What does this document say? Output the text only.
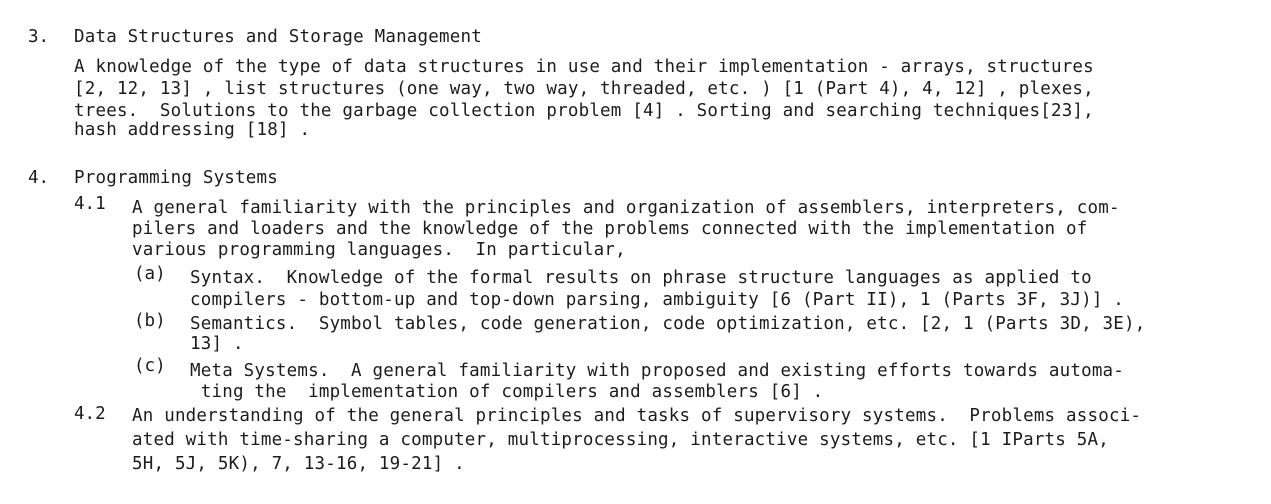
3. Data Structures and Storage Management
A knowledge of the type of data structures in use and their implementation - arrays, structures
[2, 12, 13] , list structures (one way, two way, threaded, etc. ) [1 (Part 4), 4, 12] , plexes,
trees.  Solutions to the garbage collection problem [4] . Sorting and searching techniques[23],
hash addressing [18] .
4. Programming Systems
4.1 A general familiarity with the principles and organization of assemblers, interpreters, com-
pilers and loaders and the knowledge of the problems connected with the implementation of
various programming languages.  In particular,
(a) Syntax.  Knowledge of the formal results on phrase structure languages as applied to
compilers - bottom-up and top-down parsing, ambiguity [6 (Part II), 1 (Parts 3F, 3J)] .
(b) Semantics.  Symbol tables, code generation, code optimization, etc. [2, 1 (Parts 3D, 3E),
13] .
(c) Meta Systems.  A general familiarity with proposed and existing efforts towards automa-
ting the  implementation of compilers and assemblers [6] .
4.2 An understanding of the general principles and tasks of supervisory systems.  Problems associ-
ated with time-sharing a computer, multiprocessing, interactive systems, etc. [1 IParts 5A,
5H, 5J, 5K), 7, 13-16, 19-21] .
